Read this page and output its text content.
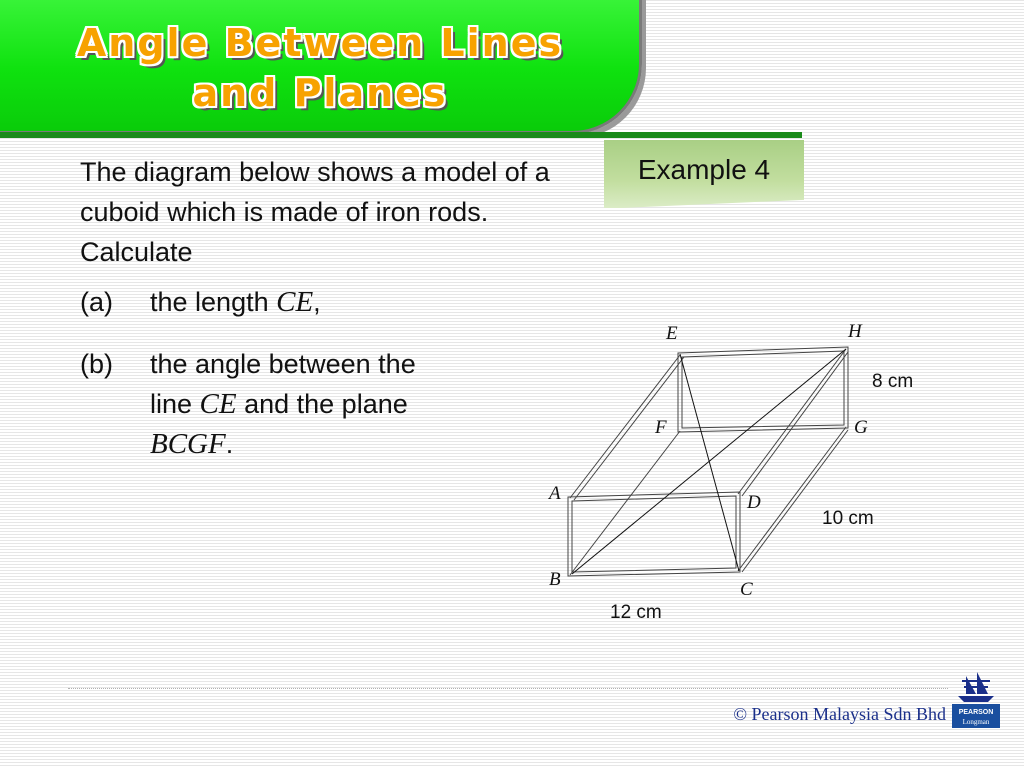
Angle Between Lines
and Planes
Example 4
The diagram below shows a model of a cuboid which is made of iron rods. Calculate
(a)	the length CE,
(b)	the angle between the
line CE and the plane
BCGF.
E	H
F	G
A	D
B	C
8 cm
10 cm
12 cm
© Pearson Malaysia Sdn Bhd PEARSON
Longman
